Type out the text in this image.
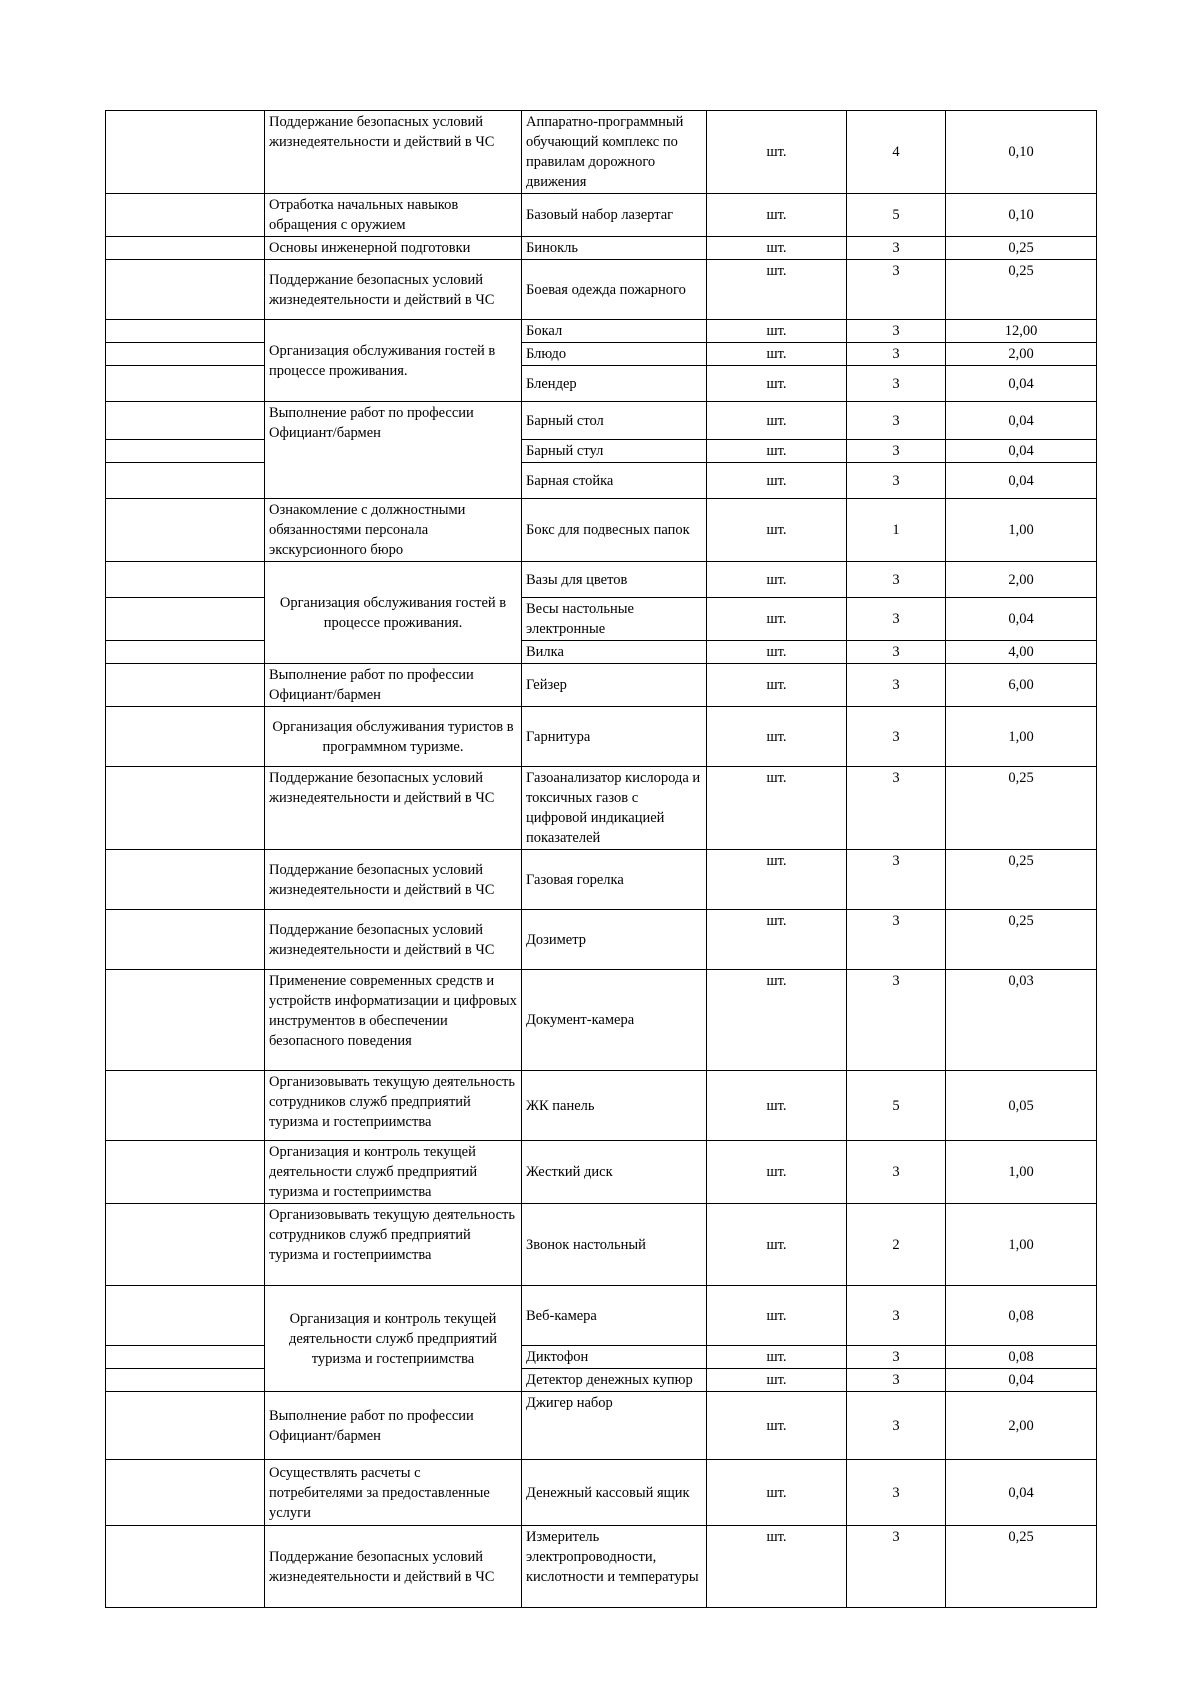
	Поддержание безопасных условий жизнедеятельности и действий в ЧС	Аппаратно-программный обучающий комплекс по правилам дорожного движения	шт.	4	0,10
	Отработка начальных навыков обращения с оружием	Базовый набор лазертаг	шт.	5	0,10
	Основы инженерной подготовки	Бинокль	шт.	3	0,25
	Поддержание безопасных условий жизнедеятельности и действий в ЧС	Боевая одежда пожарного	шт.	3	0,25
	Организация обслуживания гостей в процессе проживания.	Бокал	шт.	3	12,00
		Блюдо	шт.	3	2,00
		Блендер	шт.	3	0,04
	Выполнение работ по профессии Официант/бармен	Барный стол	шт.	3	0,04
		Барный стул	шт.	3	0,04
		Барная стойка	шт.	3	0,04
	Ознакомление с должностными обязанностями персонала экскурсионного бюро	Бокс для подвесных папок	шт.	1	1,00
	Организация обслуживания гостей в процессе проживания.	Вазы для цветов	шт.	3	2,00
		Весы настольные электронные	шт.	3	0,04
		Вилка	шт.	3	4,00
	Выполнение работ по профессии Официант/бармен	Гейзер	шт.	3	6,00
	Организация обслуживания туристов в программном туризме.	Гарнитура	шт.	3	1,00
	Поддержание безопасных условий жизнедеятельности и действий в ЧС	Газоанализатор кислорода и токсичных газов с цифровой индикацией показателей	шт.	3	0,25
	Поддержание безопасных условий жизнедеятельности и действий в ЧС	Газовая горелка	шт.	3	0,25
	Поддержание безопасных условий жизнедеятельности и действий в ЧС	Дозиметр	шт.	3	0,25
	Применение современных средств и устройств информатизации и цифровых инструментов в обеспечении безопасного поведения	Документ-камера	шт.	3	0,03
	Организовывать текущую деятельность сотрудников служб предприятий туризма и гостеприимства	ЖК панель	шт.	5	0,05
	Организация и контроль текущей деятельности служб предприятий туризма и гостеприимства	Жесткий диск	шт.	3	1,00
	Организовывать текущую деятельность сотрудников служб предприятий туризма и гостеприимства	Звонок настольный	шт.	2	1,00
	Организация и контроль текущей деятельности служб предприятий туризма и гостеприимства	Веб-камера	шт.	3	0,08
		Диктофон	шт.	3	0,08
		Детектор денежных купюр	шт.	3	0,04
	Выполнение работ по профессии Официант/бармен	Джигер набор	шт.	3	2,00
	Осуществлять расчеты с потребителями за предоставленные услуги	Денежный кассовый ящик	шт.	3	0,04
	Поддержание безопасных условий жизнедеятельности и действий в ЧС	Измеритель электропроводности, кислотности и температуры	шт.	3	0,25
